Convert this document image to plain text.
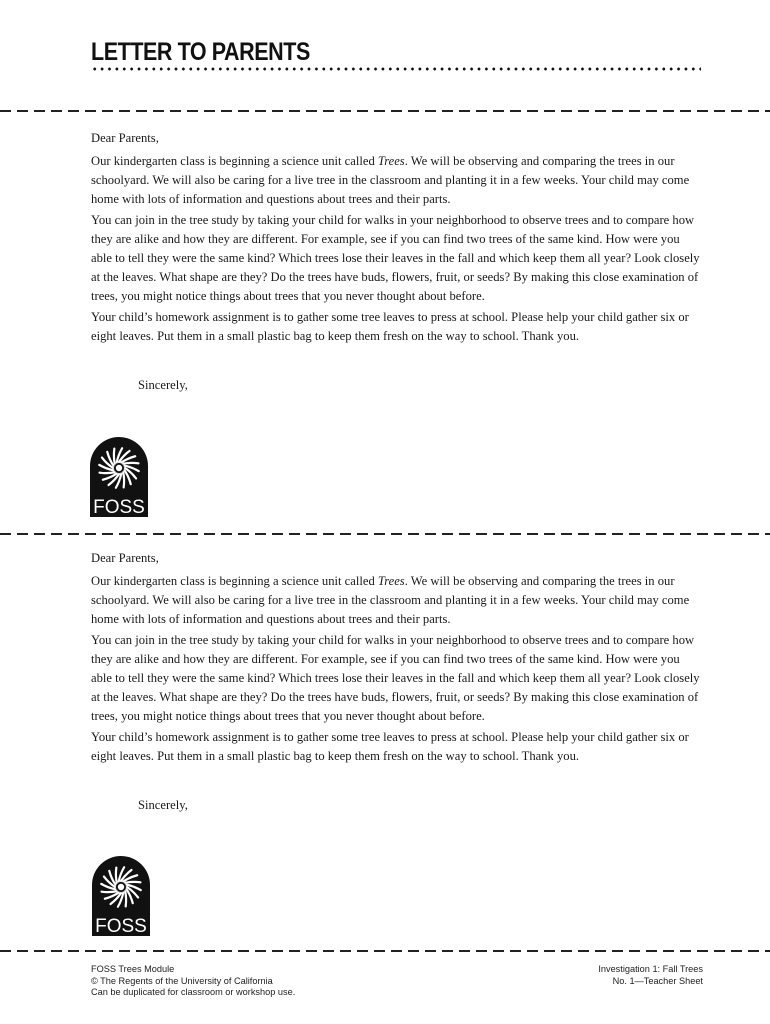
LETTER TO PARENTS

Dear Parents,

Our kindergarten class is beginning a science unit called Trees. We will be observing and comparing the trees in our schoolyard. We will also be caring for a live tree in the classroom and planting it in a few weeks. Your child may come home with lots of information and questions about trees and their parts.

You can join in the tree study by taking your child for walks in your neighborhood to observe trees and to compare how they are alike and how they are different. For example, see if you can find two trees of the same kind. How were you able to tell they were the same kind? Which trees lose their leaves in the fall and which keep them all year? Look closely at the leaves. What shape are they? Do the trees have buds, flowers, fruit, or seeds? By making this close examination of trees, you might notice things about trees that you never thought about before.

Your child’s homework assignment is to gather some tree leaves to press at school. Please help your child gather six or eight leaves. Put them in a small plastic bag to keep them fresh on the way to school. Thank you.

Sincerely,

FOSS

Dear Parents,

Our kindergarten class is beginning a science unit called Trees. We will be observing and comparing the trees in our schoolyard. We will also be caring for a live tree in the classroom and planting it in a few weeks. Your child may come home with lots of information and questions about trees and their parts.

You can join in the tree study by taking your child for walks in your neighborhood to observe trees and to compare how they are alike and how they are different. For example, see if you can find two trees of the same kind. How were you able to tell they were the same kind? Which trees lose their leaves in the fall and which keep them all year? Look closely at the leaves. What shape are they? Do the trees have buds, flowers, fruit, or seeds? By making this close examination of trees, you might notice things about trees that you never thought about before.

Your child’s homework assignment is to gather some tree leaves to press at school. Please help your child gather six or eight leaves. Put them in a small plastic bag to keep them fresh on the way to school. Thank you.

Sincerely,

FOSS
FOSS Trees Module
© The Regents of the University of California
Can be duplicated for classroom or workshop use.
Investigation 1: Fall Trees
No. 1—Teacher Sheet
